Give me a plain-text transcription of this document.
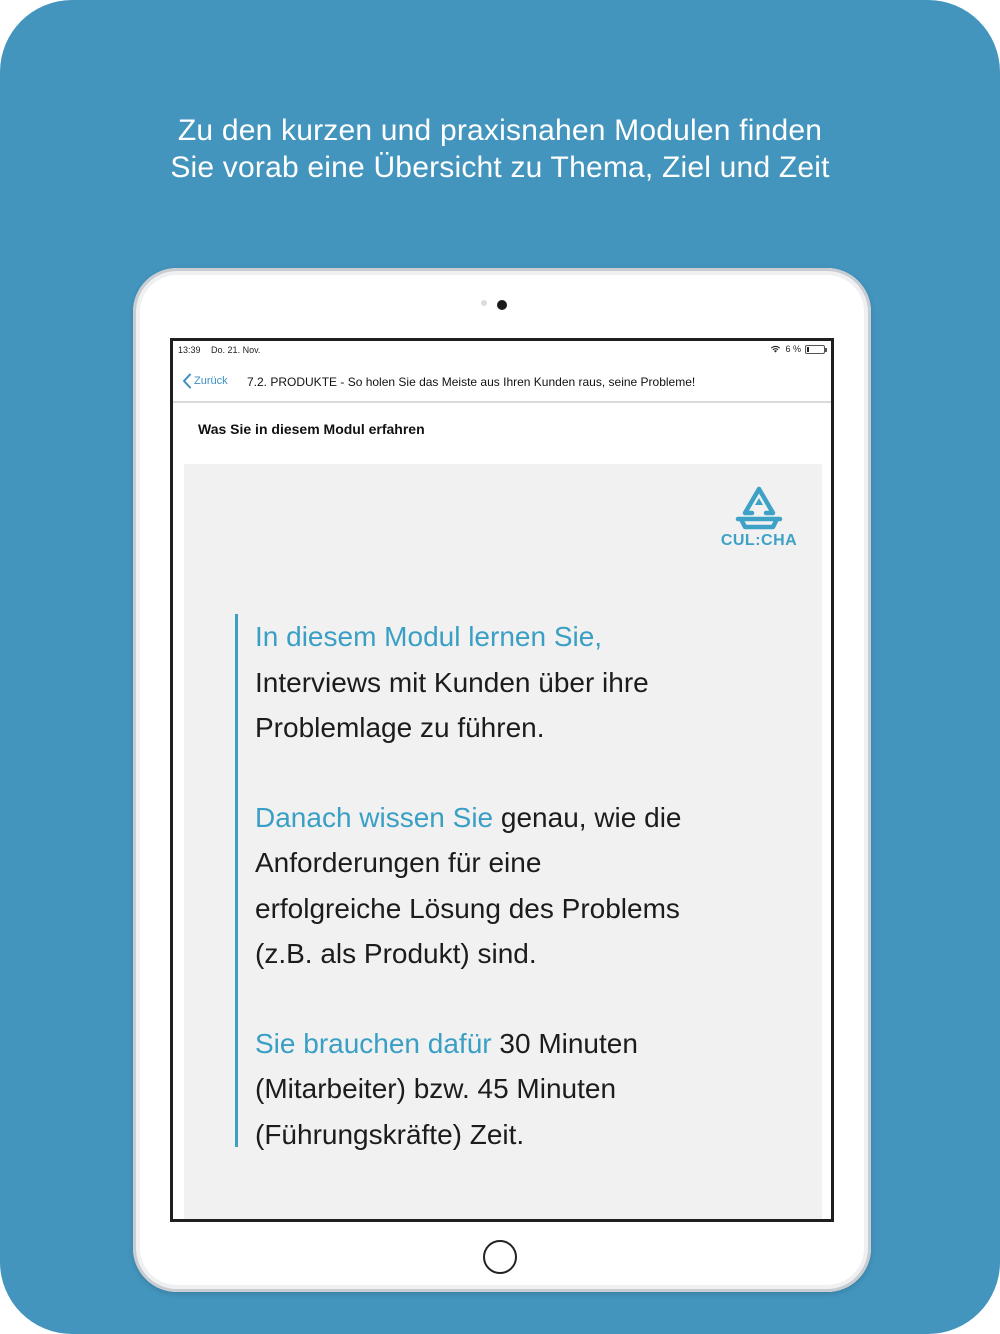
Zu den kurzen und praxisnahen Modulen finden
Sie vorab eine Übersicht zu Thema, Ziel und Zeit
13:39 Do. 21. Nov.	6 %
Zurück 7.2. PRODUKTE - So holen Sie das Meiste aus Ihren Kunden raus, seine Probleme!
Was Sie in diesem Modul erfahren
CUL:CHA

In diesem Modul lernen Sie,
Interviews mit Kunden über ihre
Problemlage zu führen.

Danach wissen Sie genau, wie die
Anforderungen für eine
erfolgreiche Lösung des Problems
(z.B. als Produkt) sind.

Sie brauchen dafür 30 Minuten
(Mitarbeiter) bzw. 45 Minuten
(Führungskräfte) Zeit.
